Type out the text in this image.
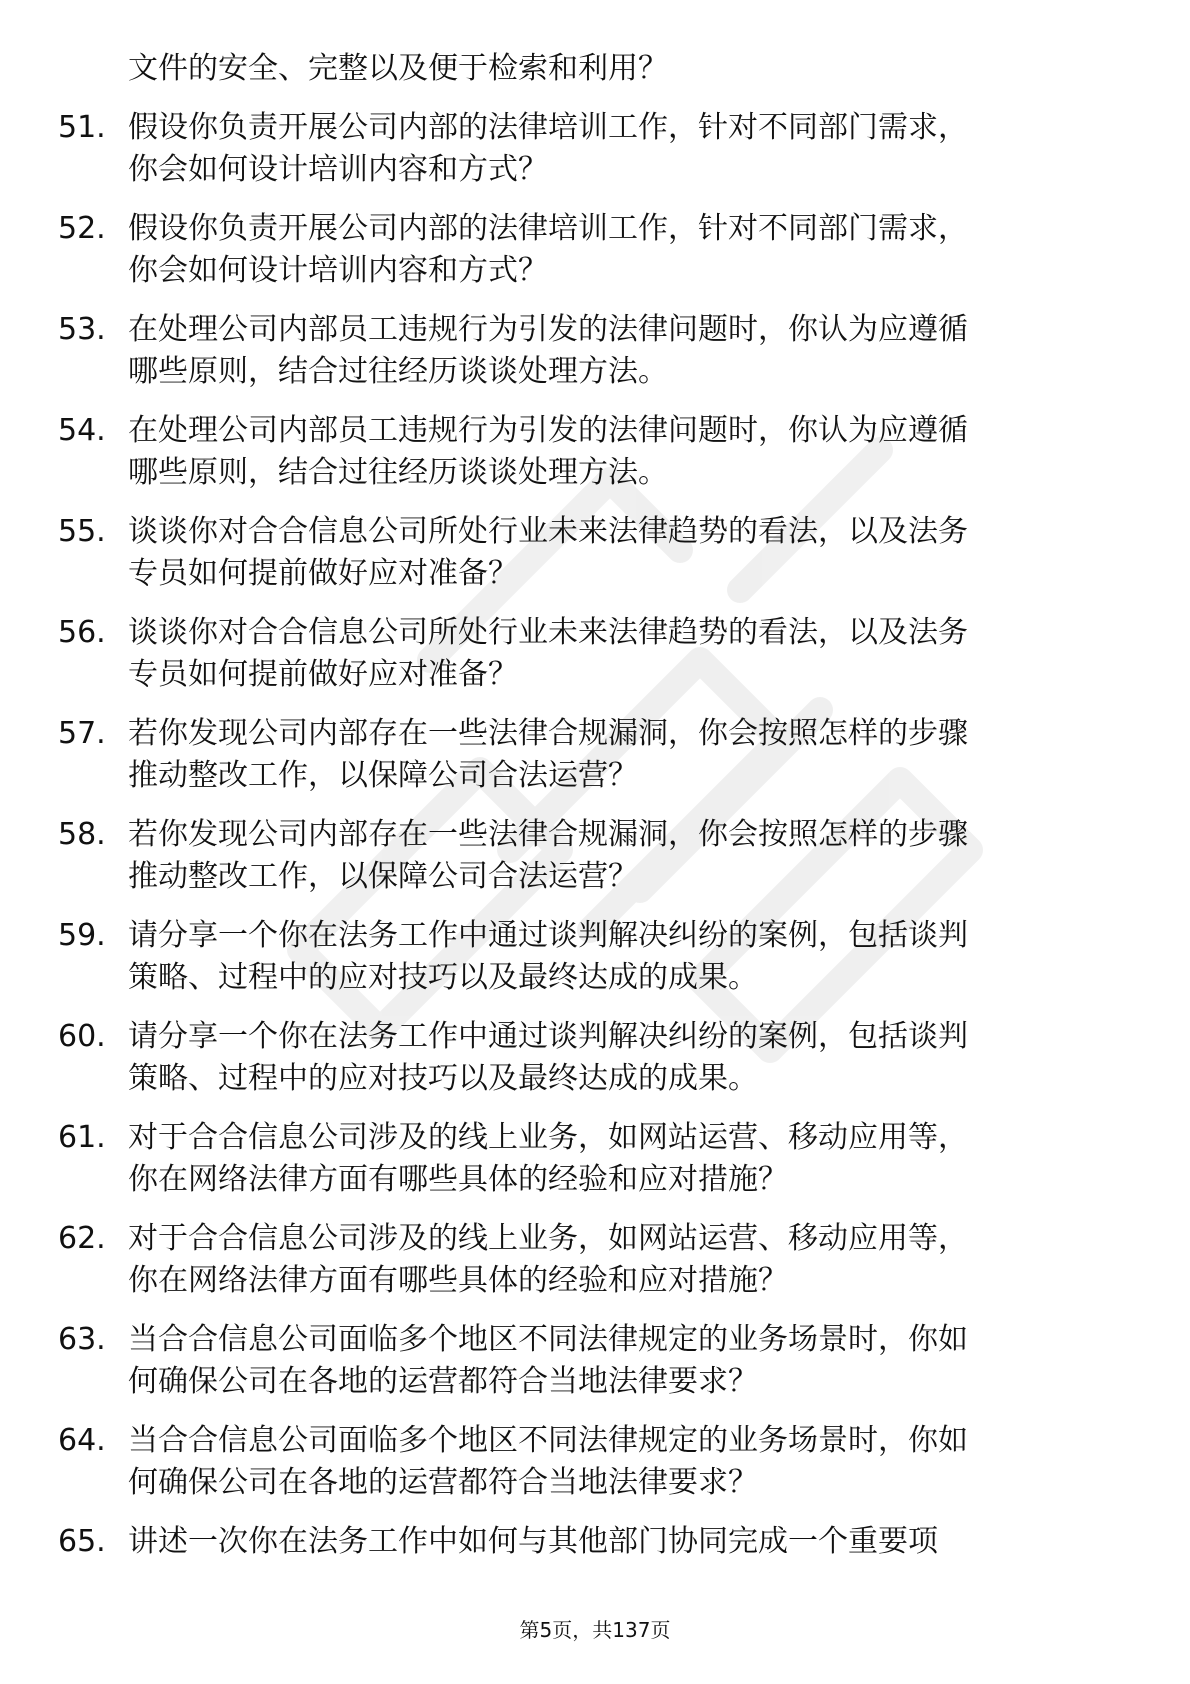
文件的安全、完整以及便于检索和利用？
51. 假设你负责开展公司内部的法律培训工作，针对不同部门需求，
你会如何设计培训内容和方式？
52. 假设你负责开展公司内部的法律培训工作，针对不同部门需求，
你会如何设计培训内容和方式？
53. 在处理公司内部员工违规行为引发的法律问题时，你认为应遵循
哪些原则，结合过往经历谈谈处理方法。
54. 在处理公司内部员工违规行为引发的法律问题时，你认为应遵循
哪些原则，结合过往经历谈谈处理方法。
55. 谈谈你对合合信息公司所处行业未来法律趋势的看法，以及法务
专员如何提前做好应对准备？
56. 谈谈你对合合信息公司所处行业未来法律趋势的看法，以及法务
专员如何提前做好应对准备？
57. 若你发现公司内部存在一些法律合规漏洞，你会按照怎样的步骤
推动整改工作，以保障公司合法运营？
58. 若你发现公司内部存在一些法律合规漏洞，你会按照怎样的步骤
推动整改工作，以保障公司合法运营？
59. 请分享一个你在法务工作中通过谈判解决纠纷的案例，包括谈判
策略、过程中的应对技巧以及最终达成的成果。
60. 请分享一个你在法务工作中通过谈判解决纠纷的案例，包括谈判
策略、过程中的应对技巧以及最终达成的成果。
61. 对于合合信息公司涉及的线上业务，如网站运营、移动应用等，
你在网络法律方面有哪些具体的经验和应对措施？
62. 对于合合信息公司涉及的线上业务，如网站运营、移动应用等，
你在网络法律方面有哪些具体的经验和应对措施？
63. 当合合信息公司面临多个地区不同法律规定的业务场景时，你如
何确保公司在各地的运营都符合当地法律要求？
64. 当合合信息公司面临多个地区不同法律规定的业务场景时，你如
何确保公司在各地的运营都符合当地法律要求？
65. 讲述一次你在法务工作中如何与其他部门协同完成一个重要项
第5页，共137页
